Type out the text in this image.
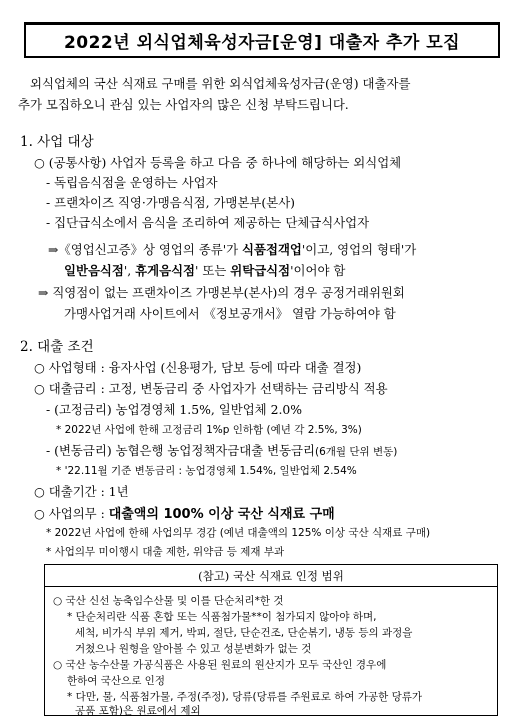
2022년 외식업체육성자금[운영] 대출자 추가 모집
외식업체의 국산 식재료 구매를 위한 외식업체육성자금(운영) 대출자를
추가 모집하오니 관심 있는 사업자의 많은 신청 부탁드립니다.
1. 사업 대상
○ (공통사항) 사업자 등록을 하고 다음 중 하나에 해당하는 외식업체
- 독립음식점을 운영하는 사업자
- 프랜차이즈 직영·가맹음식점, 가맹본부(본사)
- 집단급식소에서 음식을 조리하여 제공하는 단체급식사업자
⇒《영업신고증》상 영업의 종류'가 식품접객업'이고, 영업의 형태'가
일반음식점', 휴게음식점' 또는 위탁급식점'이어야 함
⇒ 직영점이 없는 프랜차이즈 가맹본부(본사)의 경우 공정거래위원회
가맹사업거래 사이트에서 《정보공개서》 열람 가능하여야 함
2. 대출 조건
○ 사업형태 : 융자사업 (신용평가, 담보 등에 따라 대출 결정)
○ 대출금리 : 고정, 변동금리 중 사업자가 선택하는 금리방식 적용
- (고정금리) 농업경영체 1.5%, 일반업체 2.0%
* 2022년 사업에 한해 고정금리 1%p 인하함 (예년 각 2.5%, 3%)
- (변동금리) 농협은행 농업정책자금대출 변동금리(6개월 단위 변동)
* '22.11월 기준 변동금리 : 농업경영체 1.54%, 일반업체 2.54%
○ 대출기간 : 1년
○ 사업의무 : 대출액의 100% 이상 국산 식재료 구매
* 2022년 사업에 한해 사업의무 경감 (예년 대출액의 125% 이상 국산 식재료 구매)
* 사업의무 미이행시 대출 제한, 위약금 등 제재 부과
(참고) 국산 식재료 인정 범위
○ 국산 신선 농축임수산물 및 이를 단순처리*한 것
* 단순처리란 식품 혼합 또는 식품첨가물**이 첨가되지 않아야 하며,
세척, 비가식 부위 제거, 박피, 절단, 단순건조, 단순볶기, 냉동 등의 과정을
거쳤으나 원형을 알아볼 수 있고 성분변화가 없는 것
○ 국산 농수산물 가공식품은 사용된 원료의 원산지가 모두 국산인 경우에
한하여 국산으로 인정
* 다만, 물, 식품첨가물, 주정(주정), 당류(당류를 주원료로 하여 가공한 당류가
공품 포함)은 원료에서 제외
